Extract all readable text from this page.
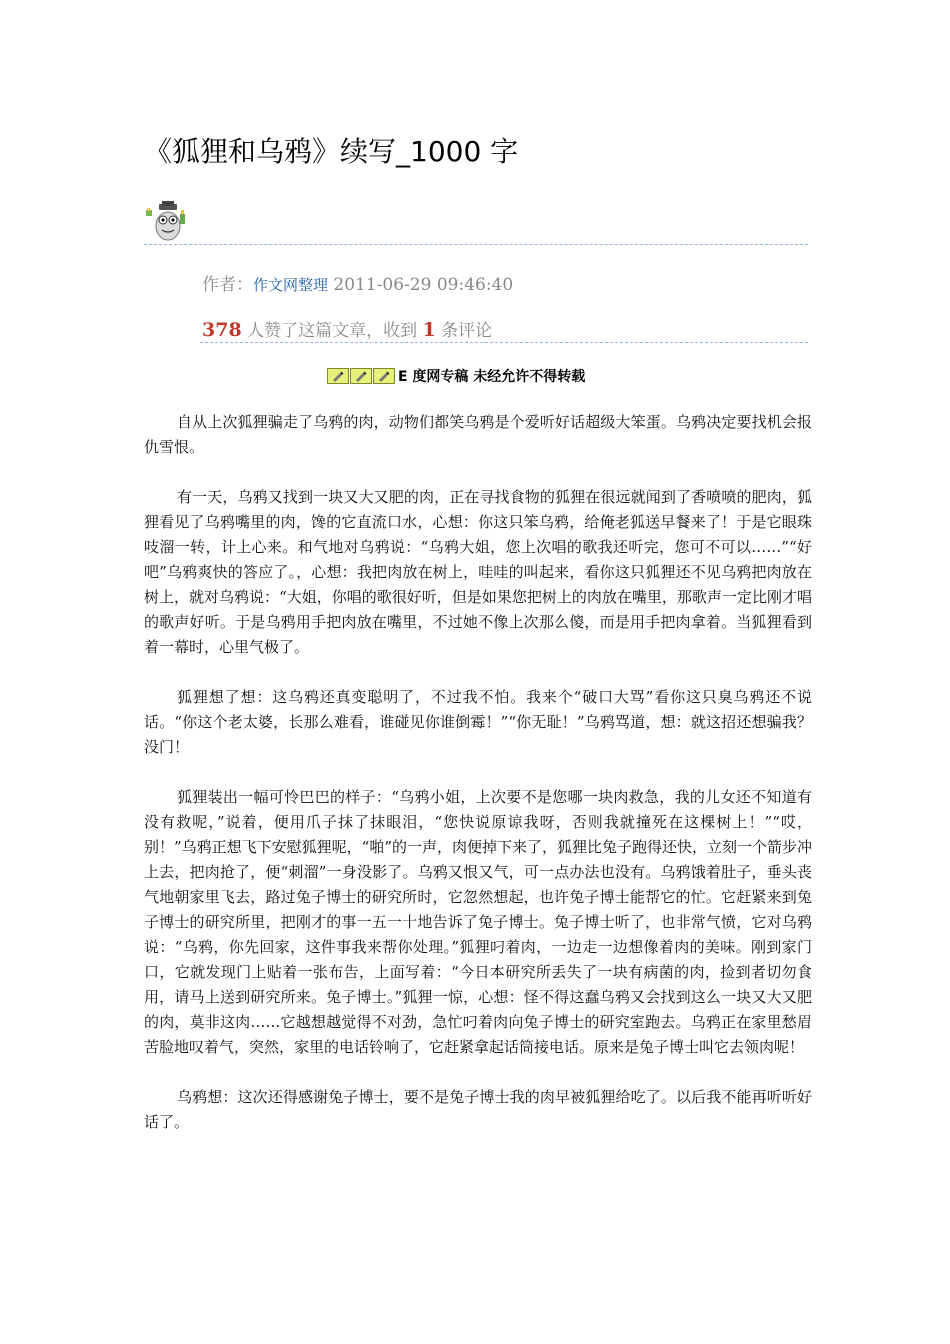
《狐狸和乌鸦》续写_1000 字
作者：作文网整理 2011-06-29 09:46:40
378 人赞了这篇文章，收到 1 条评论
E 度网专稿 未经允许不得转载

自从上次狐狸骗走了乌鸦的肉，动物们都笑乌鸦是个爱听好话超级大笨蛋。乌鸦决定要找机会报仇雪恨。

有一天，乌鸦又找到一块又大又肥的肉，正在寻找食物的狐狸在很远就闻到了香喷喷的肥肉，狐狸看见了乌鸦嘴里的肉，馋的它直流口水，心想：你这只笨乌鸦，给俺老狐送早餐来了！于是它眼珠吱溜一转，计上心来。和气地对乌鸦说：“乌鸦大姐，您上次唱的歌我还听完，您可不可以……”“好吧”乌鸦爽快的答应了。，心想：我把肉放在树上，哇哇的叫起来，看你这只狐狸还不见乌鸦把肉放在树上，就对乌鸦说：“大姐，你唱的歌很好听，但是如果您把树上的肉放在嘴里，那歌声一定比刚才唱的歌声好听。于是乌鸦用手把肉放在嘴里，不过她不像上次那么傻，而是用手把肉拿着。当狐狸看到着一幕时，心里气极了。

狐狸想了想：这乌鸦还真变聪明了，不过我不怕。我来个“破口大骂”看你这只臭乌鸦还不说话。“你这个老太婆，长那么难看，谁碰见你谁倒霉！”“你无耻！”乌鸦骂道，想：就这招还想骗我？没门！

狐狸装出一幅可怜巴巴的样子：“乌鸦小姐，上次要不是您哪一块肉救急，我的儿女还不知道有没有救呢，”说着，便用爪子抹了抹眼泪，“您快说原谅我呀，否则我就撞死在这棵树上！”“哎，别！”乌鸦正想飞下安慰狐狸呢，“啪”的一声，肉便掉下来了，狐狸比兔子跑得还快，立刻一个箭步冲上去，把肉抢了，便“刺溜”一身没影了。乌鸦又恨又气，可一点办法也没有。乌鸦饿着肚子，垂头丧气地朝家里飞去，路过兔子博士的研究所时，它忽然想起，也许兔子博士能帮它的忙。它赶紧来到兔子博士的研究所里，把刚才的事一五一十地告诉了兔子博士。兔子博士听了，也非常气愤，它对乌鸦说：“乌鸦，你先回家，这件事我来帮你处理。”狐狸叼着肉，一边走一边想像着肉的美味。刚到家门口，它就发现门上贴着一张布告，上面写着：“今日本研究所丢失了一块有病菌的肉，捡到者切勿食用，请马上送到研究所来。兔子博士。”狐狸一惊，心想：怪不得这蠢乌鸦又会找到这么一块又大又肥的肉，莫非这肉……它越想越觉得不对劲，急忙叼着肉向兔子博士的研究室跑去。乌鸦正在家里愁眉苦脸地叹着气，突然，家里的电话铃响了，它赶紧拿起话筒接电话。原来是兔子博士叫它去领肉呢！

乌鸦想：这次还得感谢兔子博士，要不是兔子博士我的肉早被狐狸给吃了。以后我不能再听听好话了。
